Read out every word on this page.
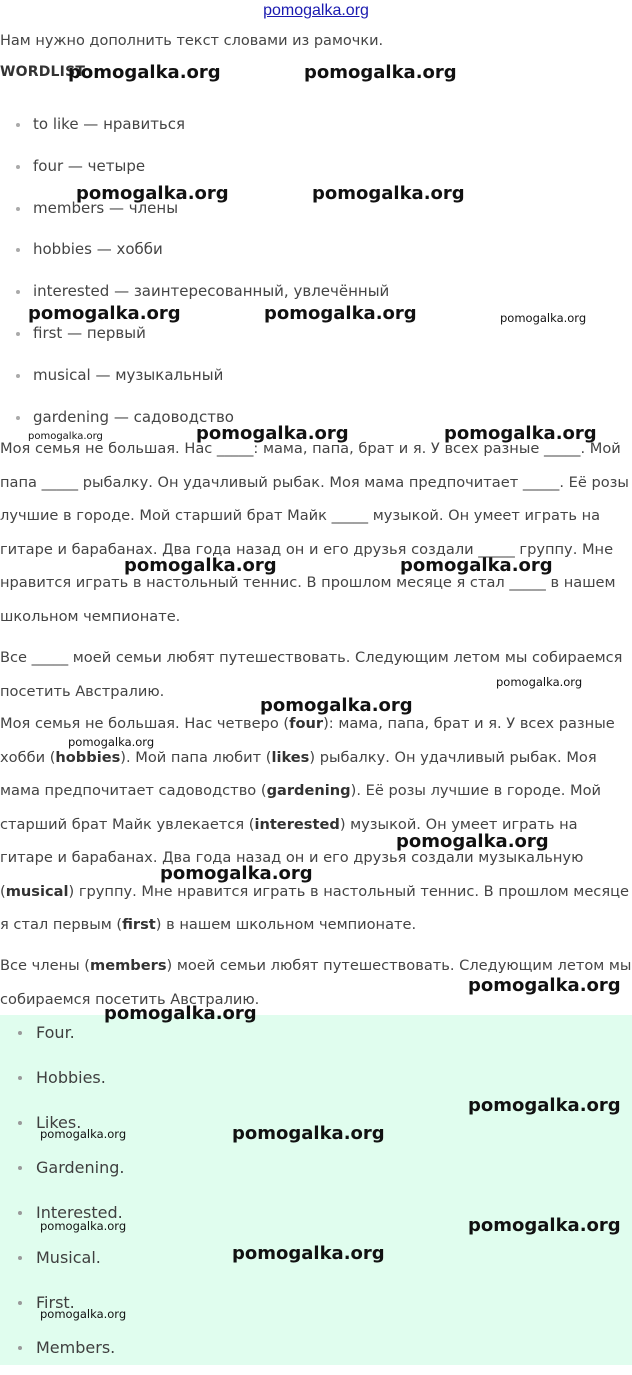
pomogalka.org
Нам нужно дополнить текст словами из рамочки.
WORDLIST
to like — нравиться
four — четыре
members — члены
hobbies — хобби
interested — заинтересованный, увлечённый
first — первый
musical — музыкальный
gardening — садоводство

Моя семья не большая. Нас _____: мама, папа, брат и я. У всех разные _____. Мой папа _____ рыбалку. Он удачливый рыбак. Моя мама предпочитает _____. Её розы лучшие в городе. Мой старший брат Майк _____ музыкой. Он умеет играть на гитаре и барабанах. Два года назад он и его друзья создали _____ группу. Мне нравится играть в настольный теннис. В прошлом месяце я стал _____ в нашем школьном чемпионате.

Все _____ моей семьи любят путешествовать. Следующим летом мы собираемся посетить Австралию.

Моя семья не большая. Нас четверо (four): мама, папа, брат и я. У всех разные хобби (hobbies). Мой папа любит (likes) рыбалку. Он удачливый рыбак. Моя мама предпочитает садоводство (gardening). Её розы лучшие в городе. Мой старший брат Майк увлекается (interested) музыкой. Он умеет играть на гитаре и барабанах. Два года назад он и его друзья создали музыкальную (musical) группу. Мне нравится играть в настольный теннис. В прошлом месяце я стал первым (first) в нашем школьном чемпионате.

Все члены (members) моей семьи любят путешествовать. Следующим летом мы собираемся посетить Австралию.

Four.
Hobbies.
Likes.
Gardening.
Interested.
Musical.
First.
Members.
pomogalka.org	pomogalka.org
pomogalka.org	pomogalka.org
pomogalka.org	pomogalka.org	pomogalka.org
pomogalka.org	pomogalka.org	pomogalka.org
pomogalka.org	pomogalka.org
pomogalka.org
pomogalka.org
pomogalka.org
pomogalka.org
pomogalka.org
pomogalka.org
pomogalka.org
pomogalka.org
pomogalka.org	pomogalka.org
pomogalka.org
pomogalka.org
pomogalka.org
pomogalka.org
